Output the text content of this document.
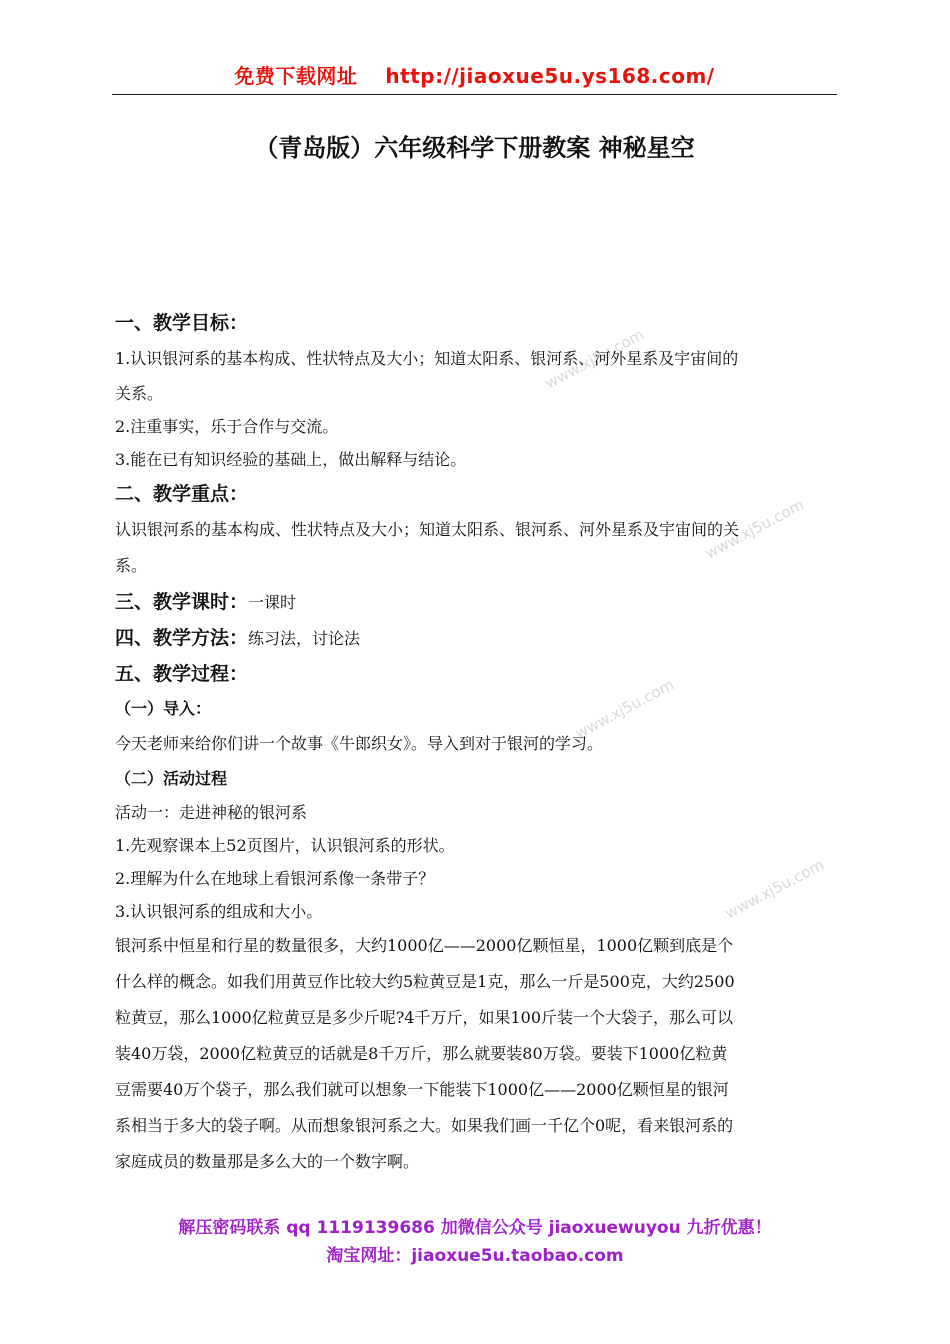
www.xj5u.com
www.xj5u.com
www.xj5u.com
www.xj5u.com
免费下载网址 http://jiaoxue5u.ys168.com/
（青岛版）六年级科学下册教案 神秘星空
一、教学目标：
1.认识银河系的基本构成、性状特点及大小；知道太阳系、银河系、河外星系及宇宙间的
关系。
2.注重事实，乐于合作与交流。
3.能在已有知识经验的基础上，做出解释与结论。
二、教学重点：
认识银河系的基本构成、性状特点及大小；知道太阳系、银河系、河外星系及宇宙间的关
系。
三、教学课时：一课时
四、教学方法：练习法，讨论法
五、教学过程：
（一）导入：
今天老师来给你们讲一个故事《牛郎织女》。导入到对于银河的学习。
（二）活动过程
活动一：走进神秘的银河系
1.先观察课本上52页图片，认识银河系的形状。
2.理解为什么在地球上看银河系像一条带子？
3.认识银河系的组成和大小。
银河系中恒星和行星的数量很多，大约1000亿——2000亿颗恒星，1000亿颗到底是个
什么样的概念。如我们用黄豆作比较大约5粒黄豆是1克，那么一斤是500克，大约2500
粒黄豆，那么1000亿粒黄豆是多少斤呢?4千万斤，如果100斤装一个大袋子，那么可以
装40万袋，2000亿粒黄豆的话就是8千万斤，那么就要装80万袋。要装下1000亿粒黄
豆需要40万个袋子，那么我们就可以想象一下能装下1000亿——2000亿颗恒星的银河
系相当于多大的袋子啊。从而想象银河系之大。如果我们画一千亿个0呢，看来银河系的
家庭成员的数量那是多么大的一个数字啊。
解压密码联系 qq 1119139686 加微信公众号 jiaoxuewuyou 九折优惠！
淘宝网址：jiaoxue5u.taobao.com
